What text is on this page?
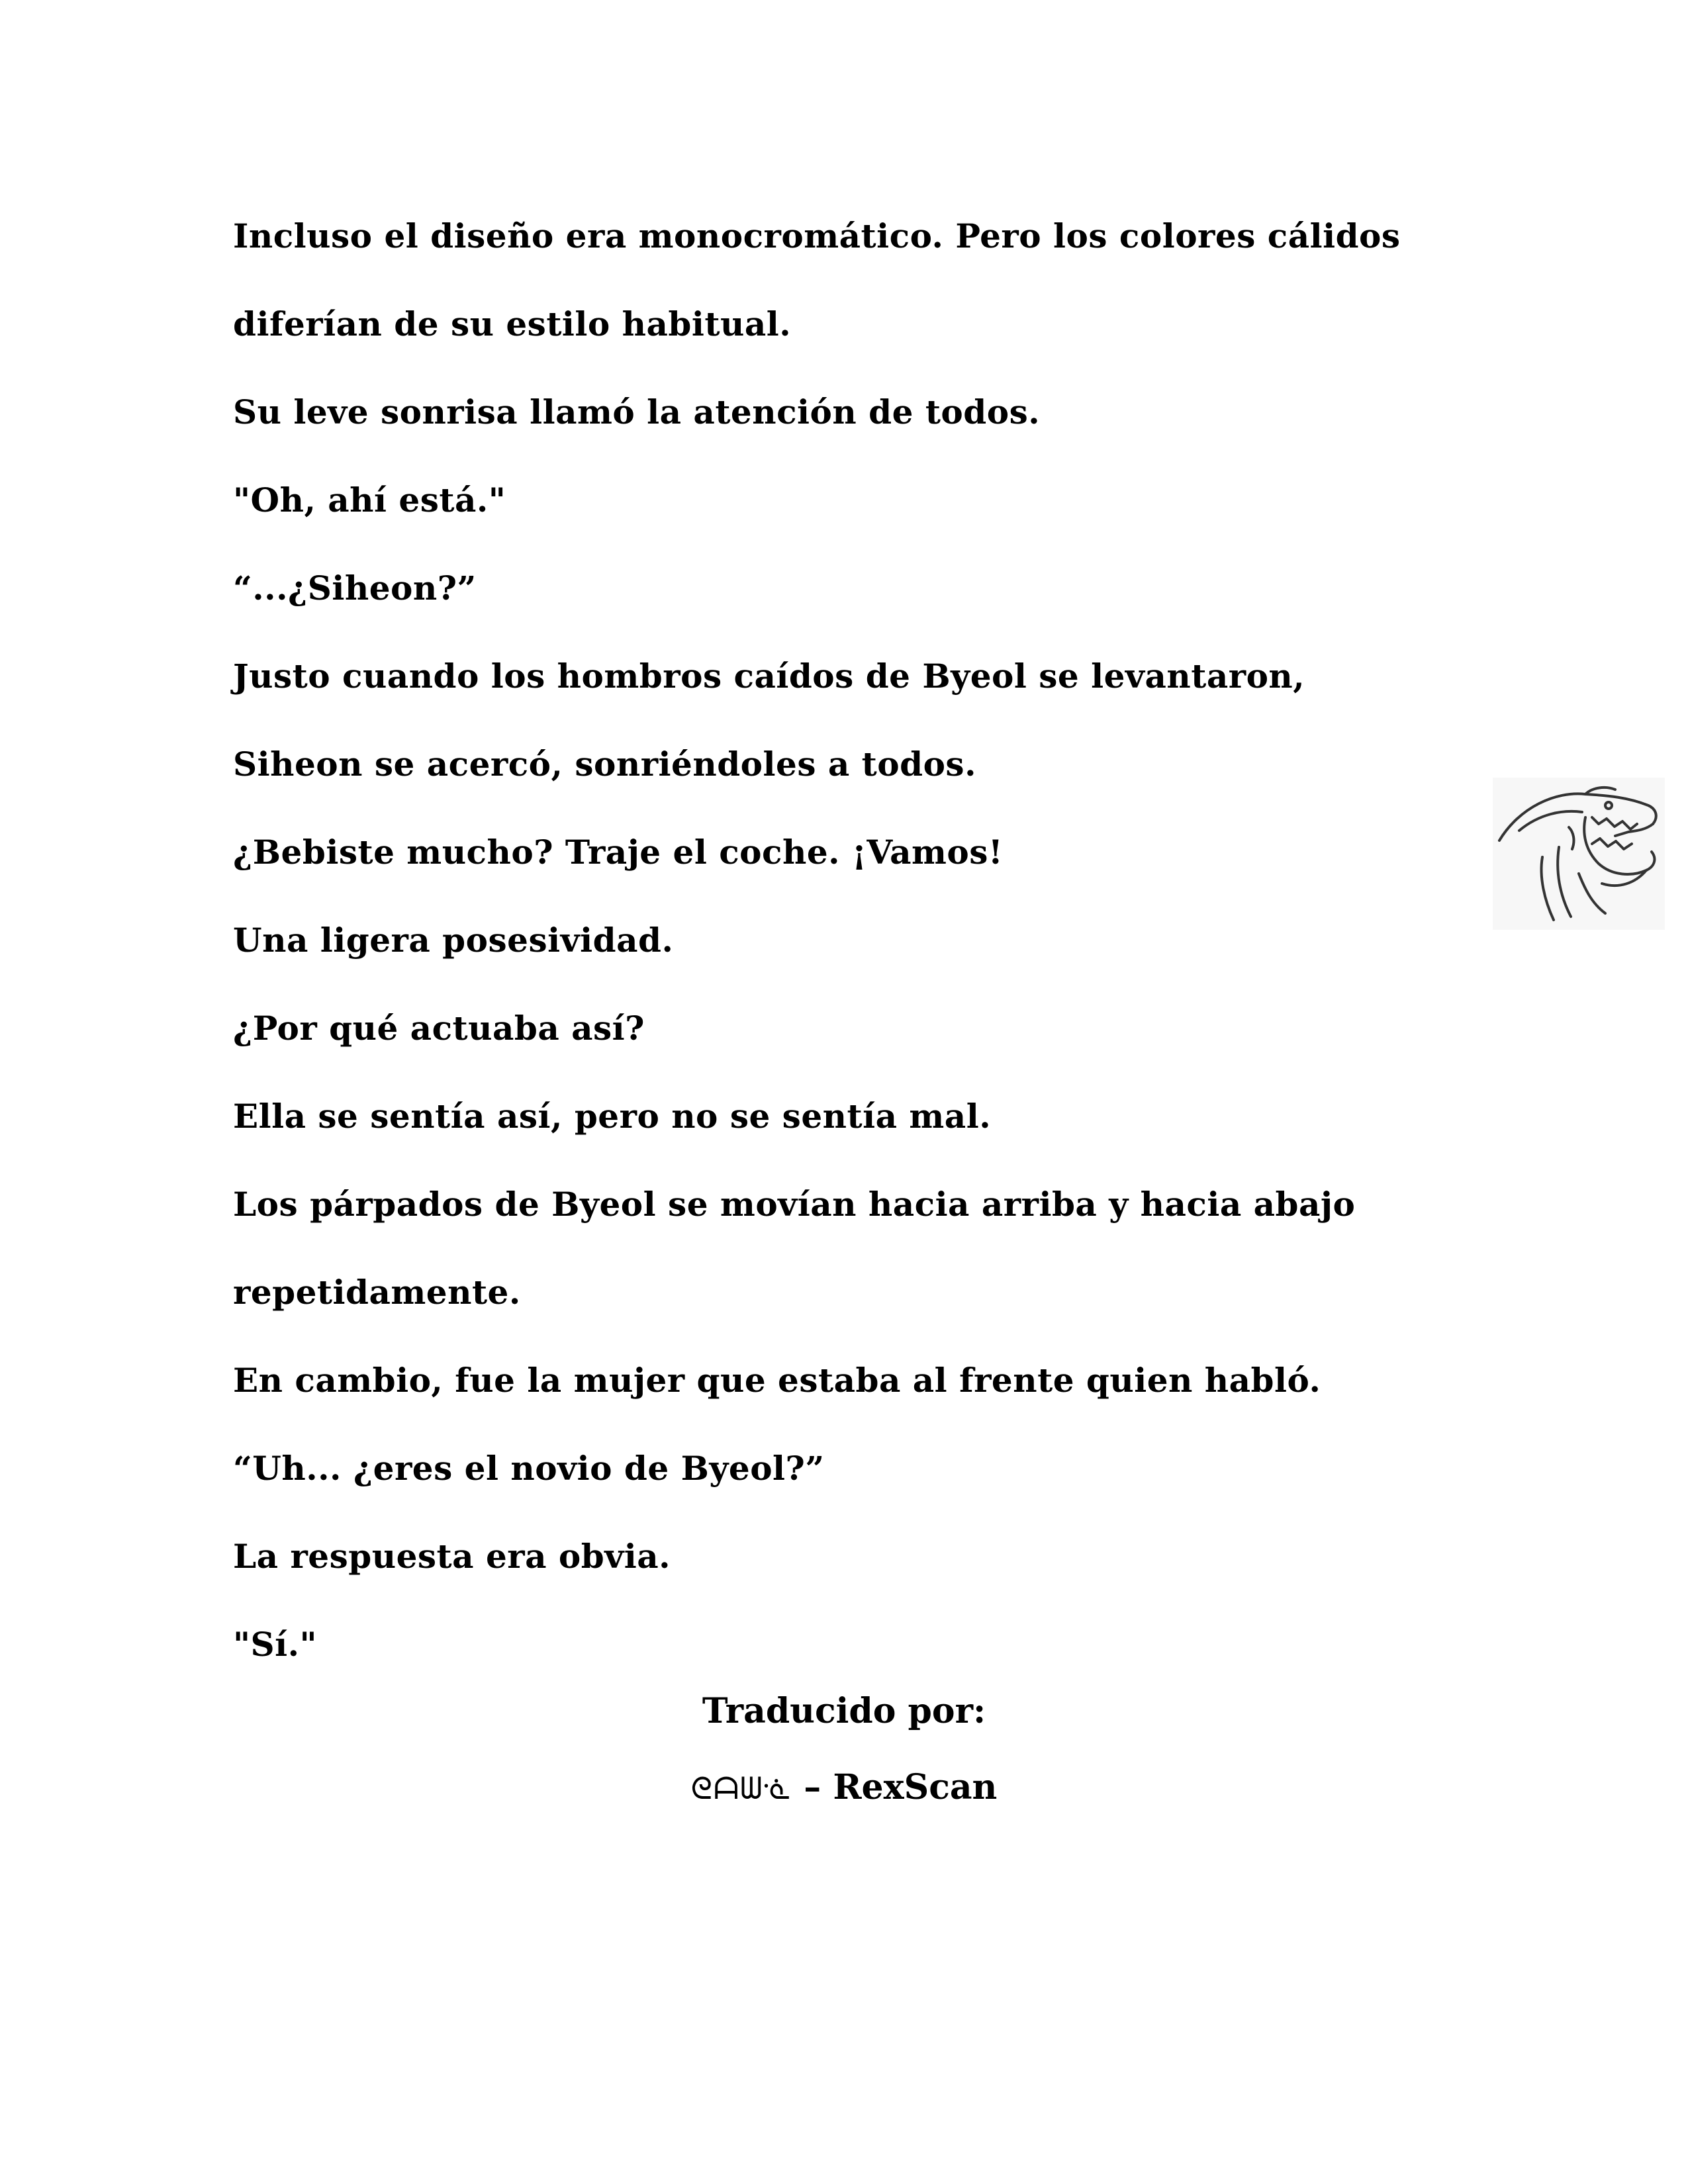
Incluso el diseño era monocromático. Pero los colores cálidos
diferían de su estilo habitual.
Su leve sonrisa llamó la atención de todos.
"Oh, ahí está."
“...¿Siheon?”
Justo cuando los hombros caídos de Byeol se levantaron,
Siheon se acercó, sonriéndoles a todos.
¿Bebiste mucho? Traje el coche. ¡Vamos!
Una ligera posesividad.
¿Por qué actuaba así?
Ella se sentía así, pero no se sentía mal.
Los párpados de Byeol se movían hacia arriba y hacia abajo
repetidamente.
En cambio, fue la mujer que estaba al frente quien habló.
“Uh... ¿eres el novio de Byeol?”
La respuesta era obvia.
"Sí."
Traducido por:
ᘓᗩᗯᓍ – RexScan
